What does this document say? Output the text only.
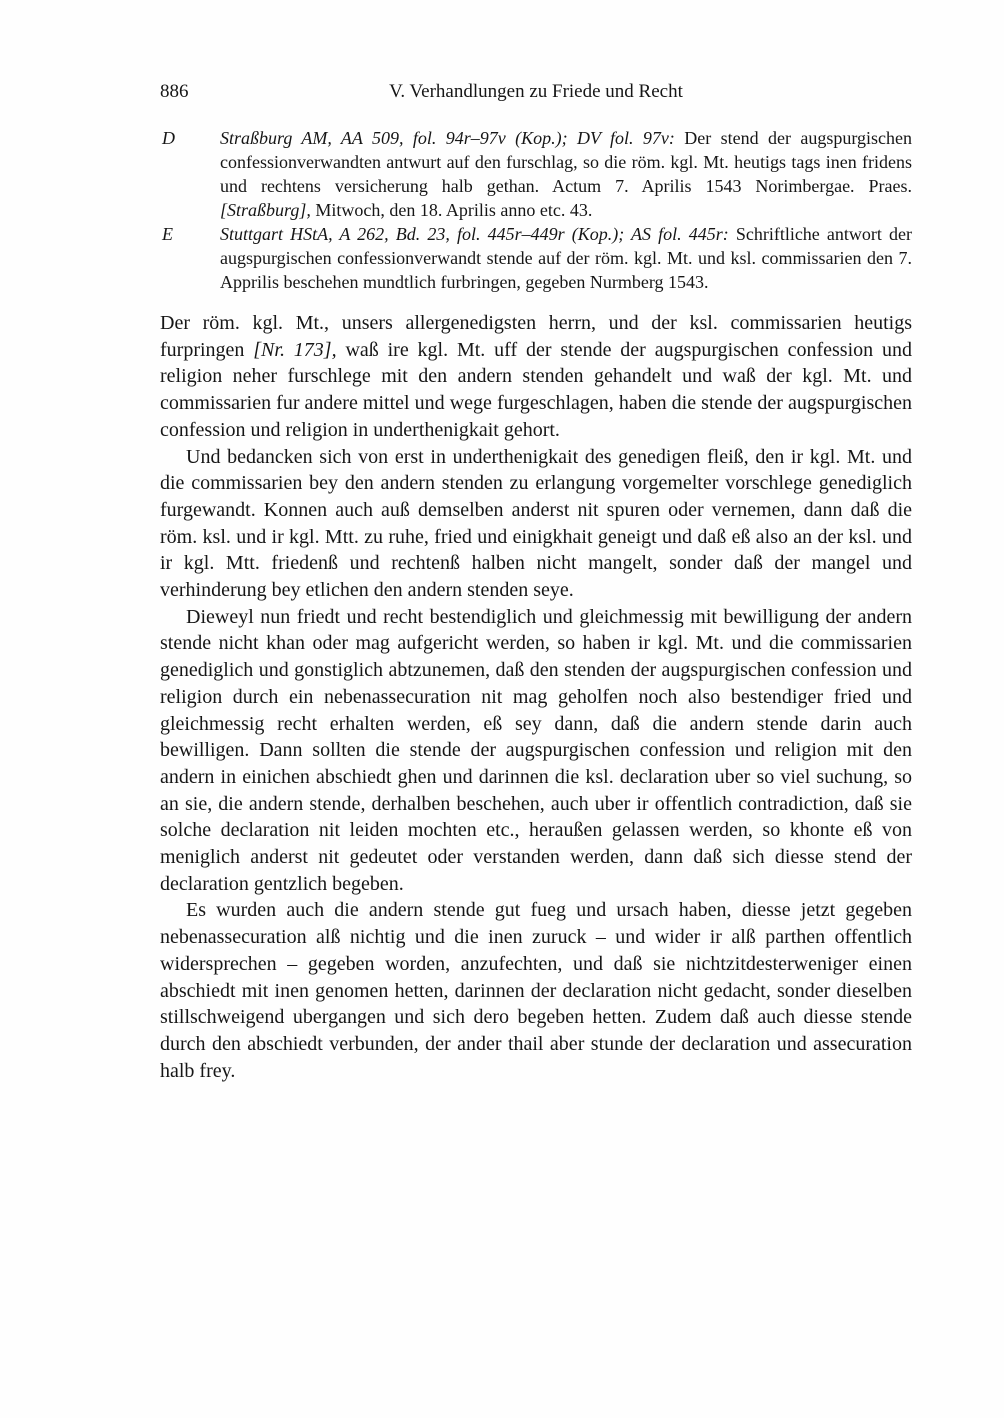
886	V. Verhandlungen zu Friede und Recht
D	Straßburg AM, AA 509, fol. 94r–97v (Kop.); DV fol. 97v: Der stend der augspurgischen confessionverwandten antwurt auf den furschlag, so die röm. kgl. Mt. heutigs tags inen fridens und rechtens versicherung halb gethan. Actum 7. Aprilis 1543 Norimbergae. Praes. [Straßburg], Mitwoch, den 18. Aprilis anno etc. 43.
E	Stuttgart HStA, A 262, Bd. 23, fol. 445r–449r (Kop.); AS fol. 445r: Schriftliche antwort der augspurgischen confessionverwandt stende auf der röm. kgl. Mt. und ksl. commissarien den 7. Apprilis beschehen mundtlich furbringen, gegeben Nurmberg 1543.

Der röm. kgl. Mt., unsers allergenedigsten herrn, und der ksl. commissarien heutigs furpringen [Nr. 173], waß ire kgl. Mt. uff der stende der augspurgischen confession und religion neher furschlege mit den andern stenden gehandelt und waß der kgl. Mt. und commissarien fur andere mittel und wege furgeschlagen, haben die stende der augspurgischen confession und religion in underthenigkait gehort.

Und bedancken sich von erst in underthenigkait des genedigen fleiß, den ir kgl. Mt. und die commissarien bey den andern stenden zu erlangung vorgemelter vorschlege genediglich furgewandt. Konnen auch auß demselben anderst nit spuren oder vernemen, dann daß die röm. ksl. und ir kgl. Mtt. zu ruhe, fried und einigkhait geneigt und daß eß also an der ksl. und ir kgl. Mtt. friedenß und rechtenß halben nicht mangelt, sonder daß der mangel und verhinderung bey etlichen den andern stenden seye.

Dieweyl nun friedt und recht bestendiglich und gleichmessig mit bewilligung der andern stende nicht khan oder mag aufgericht werden, so haben ir kgl. Mt. und die commissarien genediglich und gonstiglich abtzunemen, daß den stenden der augspurgischen confession und religion durch ein nebenassecuration nit mag geholfen noch also bestendiger fried und gleichmessig recht erhalten werden, eß sey dann, daß die andern stende darin auch bewilligen. Dann sollten die stende der augspurgischen confession und religion mit den andern in einichen abschiedt ghen und darinnen die ksl. declaration uber so viel suchung, so an sie, die andern stende, derhalben beschehen, auch uber ir offentlich contradiction, daß sie solche declaration nit leiden mochten etc., heraußen gelassen werden, so khonte eß von meniglich anderst nit gedeutet oder verstanden werden, dann daß sich diesse stend der declaration gentzlich begeben.

Es wurden auch die andern stende gut fueg und ursach haben, diesse jetzt gegeben nebenassecuration alß nichtig und die inen zuruck – und wider ir alß parthen offentlich widersprechen – gegeben worden, anzufechten, und daß sie nichtzitdesterweniger einen abschiedt mit inen genomen hetten, darinnen der declaration nicht gedacht, sonder dieselben stillschweigend ubergangen und sich dero begeben hetten. Zudem daß auch diesse stende durch den abschiedt verbunden, der ander thail aber stunde der declaration und assecuration halb frey.
